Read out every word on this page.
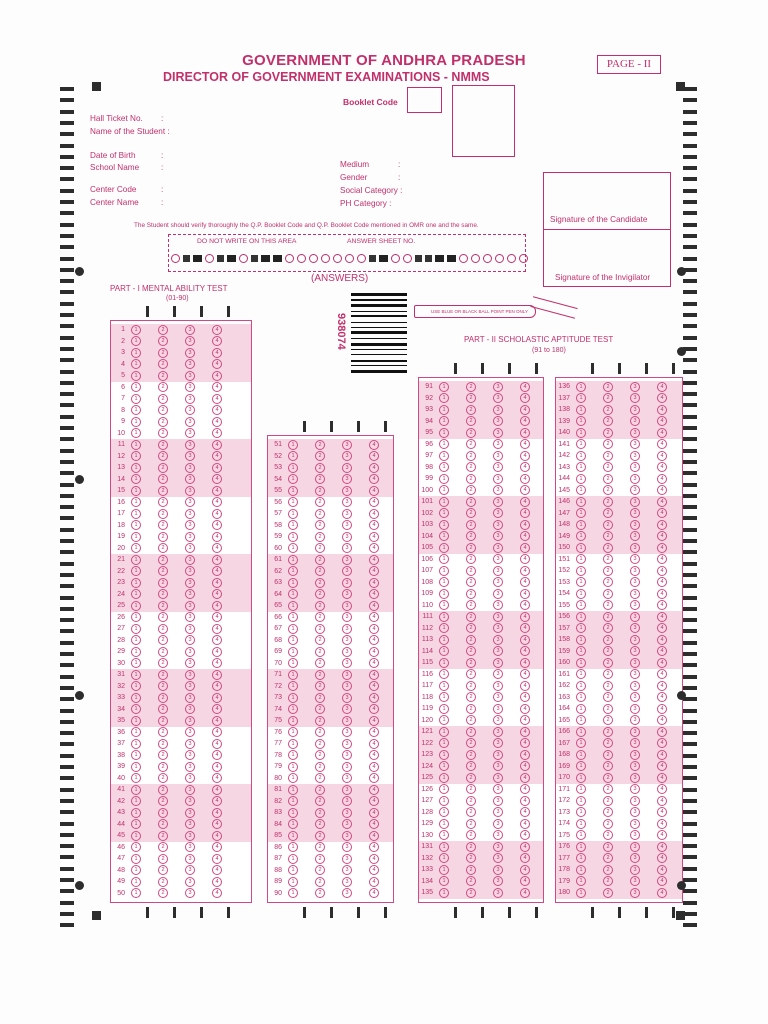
GOVERNMENT OF ANDHRA PRADESH
DIRECTOR OF GOVERNMENT EXAMINATIONS - NMMS
PAGE - II
Booklet Code
Hall Ticket No. :
Name of the Student :
Date of Birth	:
School Name	:
Center Code	:
Center Name	:
Medium	:
Gender	:
Social Category :
PH Category :
Signature of the Candidate
Signature of the Invigilator
The Student should verify thoroughly the Q.P. Booklet Code and Q.P. Booklet Code mentioned in OMR one and the same.
DO NOT WRITE ON THIS AREA	ANSWER SHEET NO.
(ANSWERS)
938074
USE BLUE OR BLACK BALL POINT PEN ONLY
PART - I MENTAL ABILITY TEST
(01-90)
PART - II SCHOLASTIC APTITUDE TEST
(91 to 180)
1	1	2	3	4
2	1	2	3	4
3	1	2	3	4
4	1	2	3	4
5	1	2	3	4
6	1	2	3	4
7	1	2	3	4
8	1	2	3	4
9	1	2	3	4
10	1	2	3	4
11	1	2	3	4
12	1	2	3	4
13	1	2	3	4
14	1	2	3	4
15	1	2	3	4
16	1	2	3	4
17	1	2	3	4
18	1	2	3	4
19	1	2	3	4
20	1	2	3	4
21	1	2	3	4
22	1	2	3	4
23	1	2	3	4
24	1	2	3	4
25	1	2	3	4
26	1	2	3	4
27	1	2	3	4
28	1	2	3	4
29	1	2	3	4
30	1	2	3	4
31	1	2	3	4
32	1	2	3	4
33	1	2	3	4
34	1	2	3	4
35	1	2	3	4
36	1	2	3	4
37	1	2	3	4
38	1	2	3	4
39	1	2	3	4
40	1	2	3	4
41	1	2	3	4
42	1	2	3	4
43	1	2	3	4
44	1	2	3	4
45	1	2	3	4
46	1	2	3	4
47	1	2	3	4
48	1	2	3	4
49	1	2	3	4
50	1	2	3	4
51	1	2	3	4
52	1	2	3	4
53	1	2	3	4
54	1	2	3	4
55	1	2	3	4
56	1	2	3	4
57	1	2	3	4
58	1	2	3	4
59	1	2	3	4
60	1	2	3	4
61	1	2	3	4
62	1	2	3	4
63	1	2	3	4
64	1	2	3	4
65	1	2	3	4
66	1	2	3	4
67	1	2	3	4
68	1	2	3	4
69	1	2	3	4
70	1	2	3	4
71	1	2	3	4
72	1	2	3	4
73	1	2	3	4
74	1	2	3	4
75	1	2	3	4
76	1	2	3	4
77	1	2	3	4
78	1	2	3	4
79	1	2	3	4
80	1	2	3	4
81	1	2	3	4
82	1	2	3	4
83	1	2	3	4
84	1	2	3	4
85	1	2	3	4
86	1	2	3	4
87	1	2	3	4
88	1	2	3	4
89	1	2	3	4
90	1	2	3	4
91	1	2	3	4
92	1	2	3	4
93	1	2	3	4
94	1	2	3	4
95	1	2	3	4
96	1	2	3	4
97	1	2	3	4
98	1	2	3	4
99	1	2	3	4
100	1	2	3	4
101	1	2	3	4
102	1	2	3	4
103	1	2	3	4
104	1	2	3	4
105	1	2	3	4
106	1	2	3	4
107	1	2	3	4
108	1	2	3	4
109	1	2	3	4
110	1	2	3	4
111	1	2	3	4
112	1	2	3	4
113	1	2	3	4
114	1	2	3	4
115	1	2	3	4
116	1	2	3	4
117	1	2	3	4
118	1	2	3	4
119	1	2	3	4
120	1	2	3	4
121	1	2	3	4
122	1	2	3	4
123	1	2	3	4
124	1	2	3	4
125	1	2	3	4
126	1	2	3	4
127	1	2	3	4
128	1	2	3	4
129	1	2	3	4
130	1	2	3	4
131	1	2	3	4
132	1	2	3	4
133	1	2	3	4
134	1	2	3	4
135	1	2	3	4
136	1	2	3	4
137	1	2	3	4
138	1	2	3	4
139	1	2	3	4
140	1	2	3	4
141	1	2	3	4
142	1	2	3	4
143	1	2	3	4
144	1	2	3	4
145	1	2	3	4
146	1	2	3	4
147	1	2	3	4
148	1	2	3	4
149	1	2	3	4
150	1	2	3	4
151	1	2	3	4
152	1	2	3	4
153	1	2	3	4
154	1	2	3	4
155	1	2	3	4
156	1	2	3	4
157	1	2	3	4
158	1	2	3	4
159	1	2	3	4
160	1	2	3	4
161	1	2	3	4
162	1	2	3	4
163	1	2	3	4
164	1	2	3	4
165	1	2	3	4
166	1	2	3	4
167	1	2	3	4
168	1	2	3	4
169	1	2	3	4
170	1	2	3	4
171	1	2	3	4
172	1	2	3	4
173	1	2	3	4
174	1	2	3	4
175	1	2	3	4
176	1	2	3	4
177	1	2	3	4
178	1	2	3	4
179	1	2	3	4
180	1	2	3	4
